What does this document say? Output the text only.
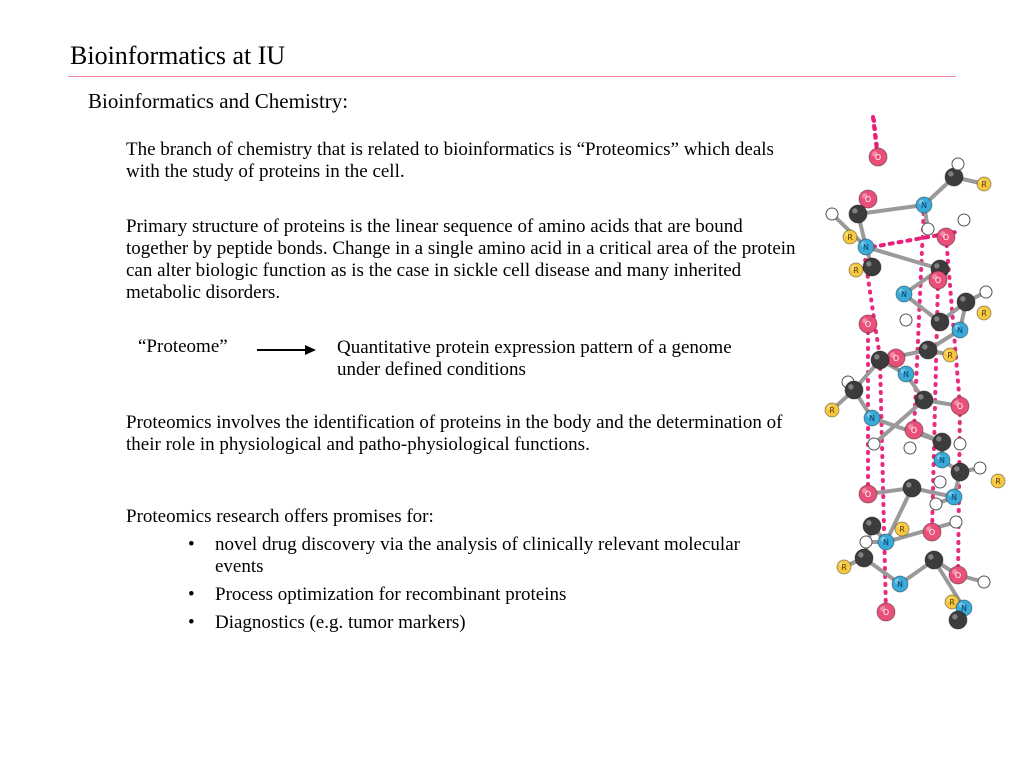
Bioinformatics at IU
Bioinformatics and Chemistry:
The branch of chemistry that is related to bioinformatics is “Proteomics” which deals with the study of proteins in the cell.
Primary structure of proteins is the linear sequence of amino acids that are bound together by peptide bonds. Change in a single amino acid in a critical area of the protein can alter biologic function as is the case in sickle cell disease and many inherited metabolic disorders.
“Proteome”	Quantitative protein expression pattern of a genome under defined conditions
Proteomics involves the identification of proteins in the body and the determination of their role in physiological and patho-physiological functions.
Proteomics research offers promises for:
• novel drug discovery via the analysis of clinically relevant molecular events
• Process optimization for recombinant proteins
• Diagnostics (e.g. tumor markers)
O
R
N
O
R
N
O
R
O
N
R
N
O
O	R
N
R
N
O
O
N
O
R
N
R
N
O
R
N
O
R
N
O
